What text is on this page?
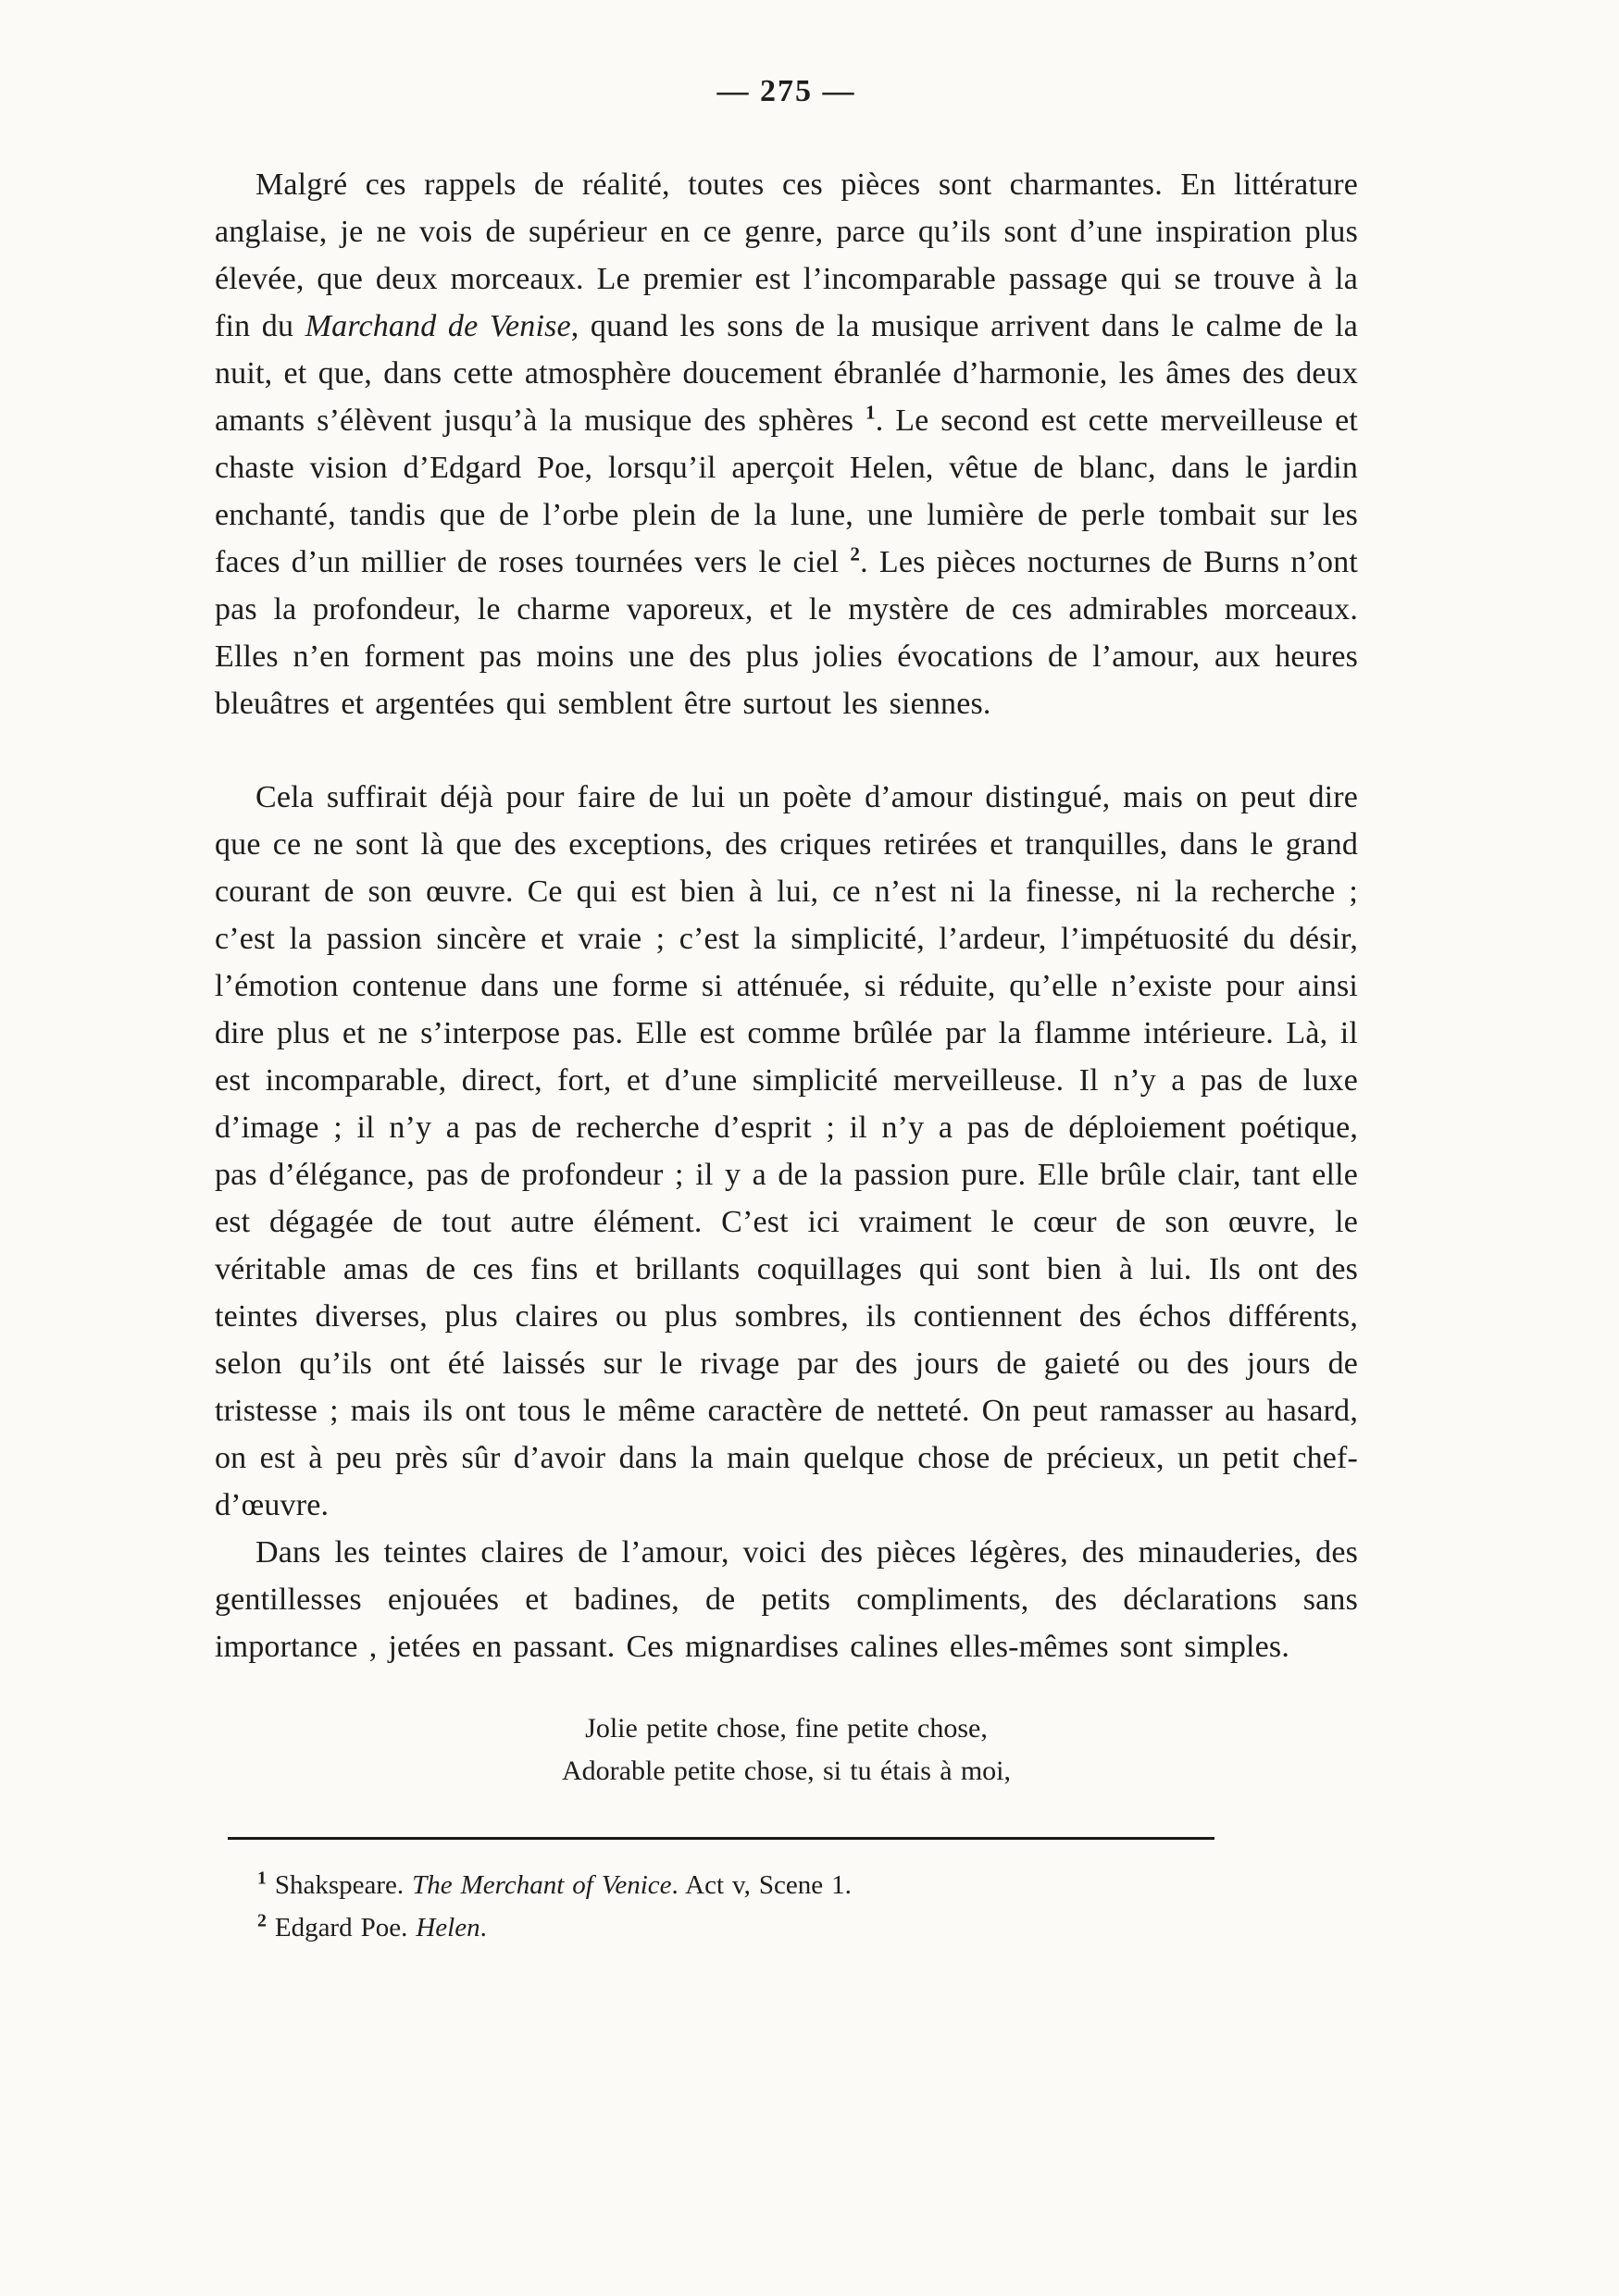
— 275 —

Malgré ces rappels de réalité, toutes ces pièces sont charmantes. En littérature anglaise, je ne vois de supérieur en ce genre, parce qu’ils sont d’une inspiration plus élevée, que deux morceaux. Le premier est l’incomparable passage qui se trouve à la fin du Marchand de Venise, quand les sons de la musique arrivent dans le calme de la nuit, et que, dans cette atmosphère doucement ébranlée d’harmonie, les âmes des deux amants s’élèvent jusqu’à la musique des sphères $^1$. Le second est cette merveilleuse et chaste vision d’Edgard Poe, lorsqu’il aperçoit Helen, vêtue de blanc, dans le jardin enchanté, tandis que de l’orbe plein de la lune, une lumière de perle tombait sur les faces d’un millier de roses tournées vers le ciel $^2$. Les pièces nocturnes de Burns n’ont pas la profondeur, le charme vaporeux, et le mystère de ces admirables morceaux. Elles n’en forment pas moins une des plus jolies évocations de l’amour, aux heures bleuâtres et argentées qui semblent être surtout les siennes.

Cela suffirait déjà pour faire de lui un poète d’amour distingué, mais on peut dire que ce ne sont là que des exceptions, des criques retirées et tranquilles, dans le grand courant de son œuvre. Ce qui est bien à lui, ce n’est ni la finesse, ni la recherche ; c’est la passion sincère et vraie ; c’est la simplicité, l’ardeur, l’impétuosité du désir, l’émotion contenue dans une forme si atténuée, si réduite, qu’elle n’existe pour ainsi dire plus et ne s’interpose pas. Elle est comme brûlée par la flamme intérieure. Là, il est incomparable, direct, fort, et d’une simplicité merveilleuse. Il n’y a pas de luxe d’image ; il n’y a pas de recherche d’esprit ; il n’y a pas de déploiement poétique, pas d’élégance, pas de profondeur ; il y a de la passion pure. Elle brûle clair, tant elle est dégagée de tout autre élément. C’est ici vraiment le cœur de son œuvre, le véritable amas de ces fins et brillants coquillages qui sont bien à lui. Ils ont des teintes diverses, plus claires ou plus sombres, ils contiennent des échos différents, selon qu’ils ont été laissés sur le rivage par des jours de gaieté ou des jours de tristesse ; mais ils ont tous le même caractère de netteté. On peut ramasser au hasard, on est à peu près sûr d’avoir dans la main quelque chose de précieux, un petit chef-d’œuvre.

Dans les teintes claires de l’amour, voici des pièces légères, des minauderies, des gentillesses enjouées et badines, de petits compliments, des déclarations sans importance , jetées en passant. Ces mignardises calines elles-mêmes sont simples.

Jolie petite chose, fine petite chose,
Adorable petite chose, si tu étais à moi,

$^1$ Shakspeare. The Merchant of Venice. Act v, Scene 1.

$^2$ Edgard Poe. Helen.
